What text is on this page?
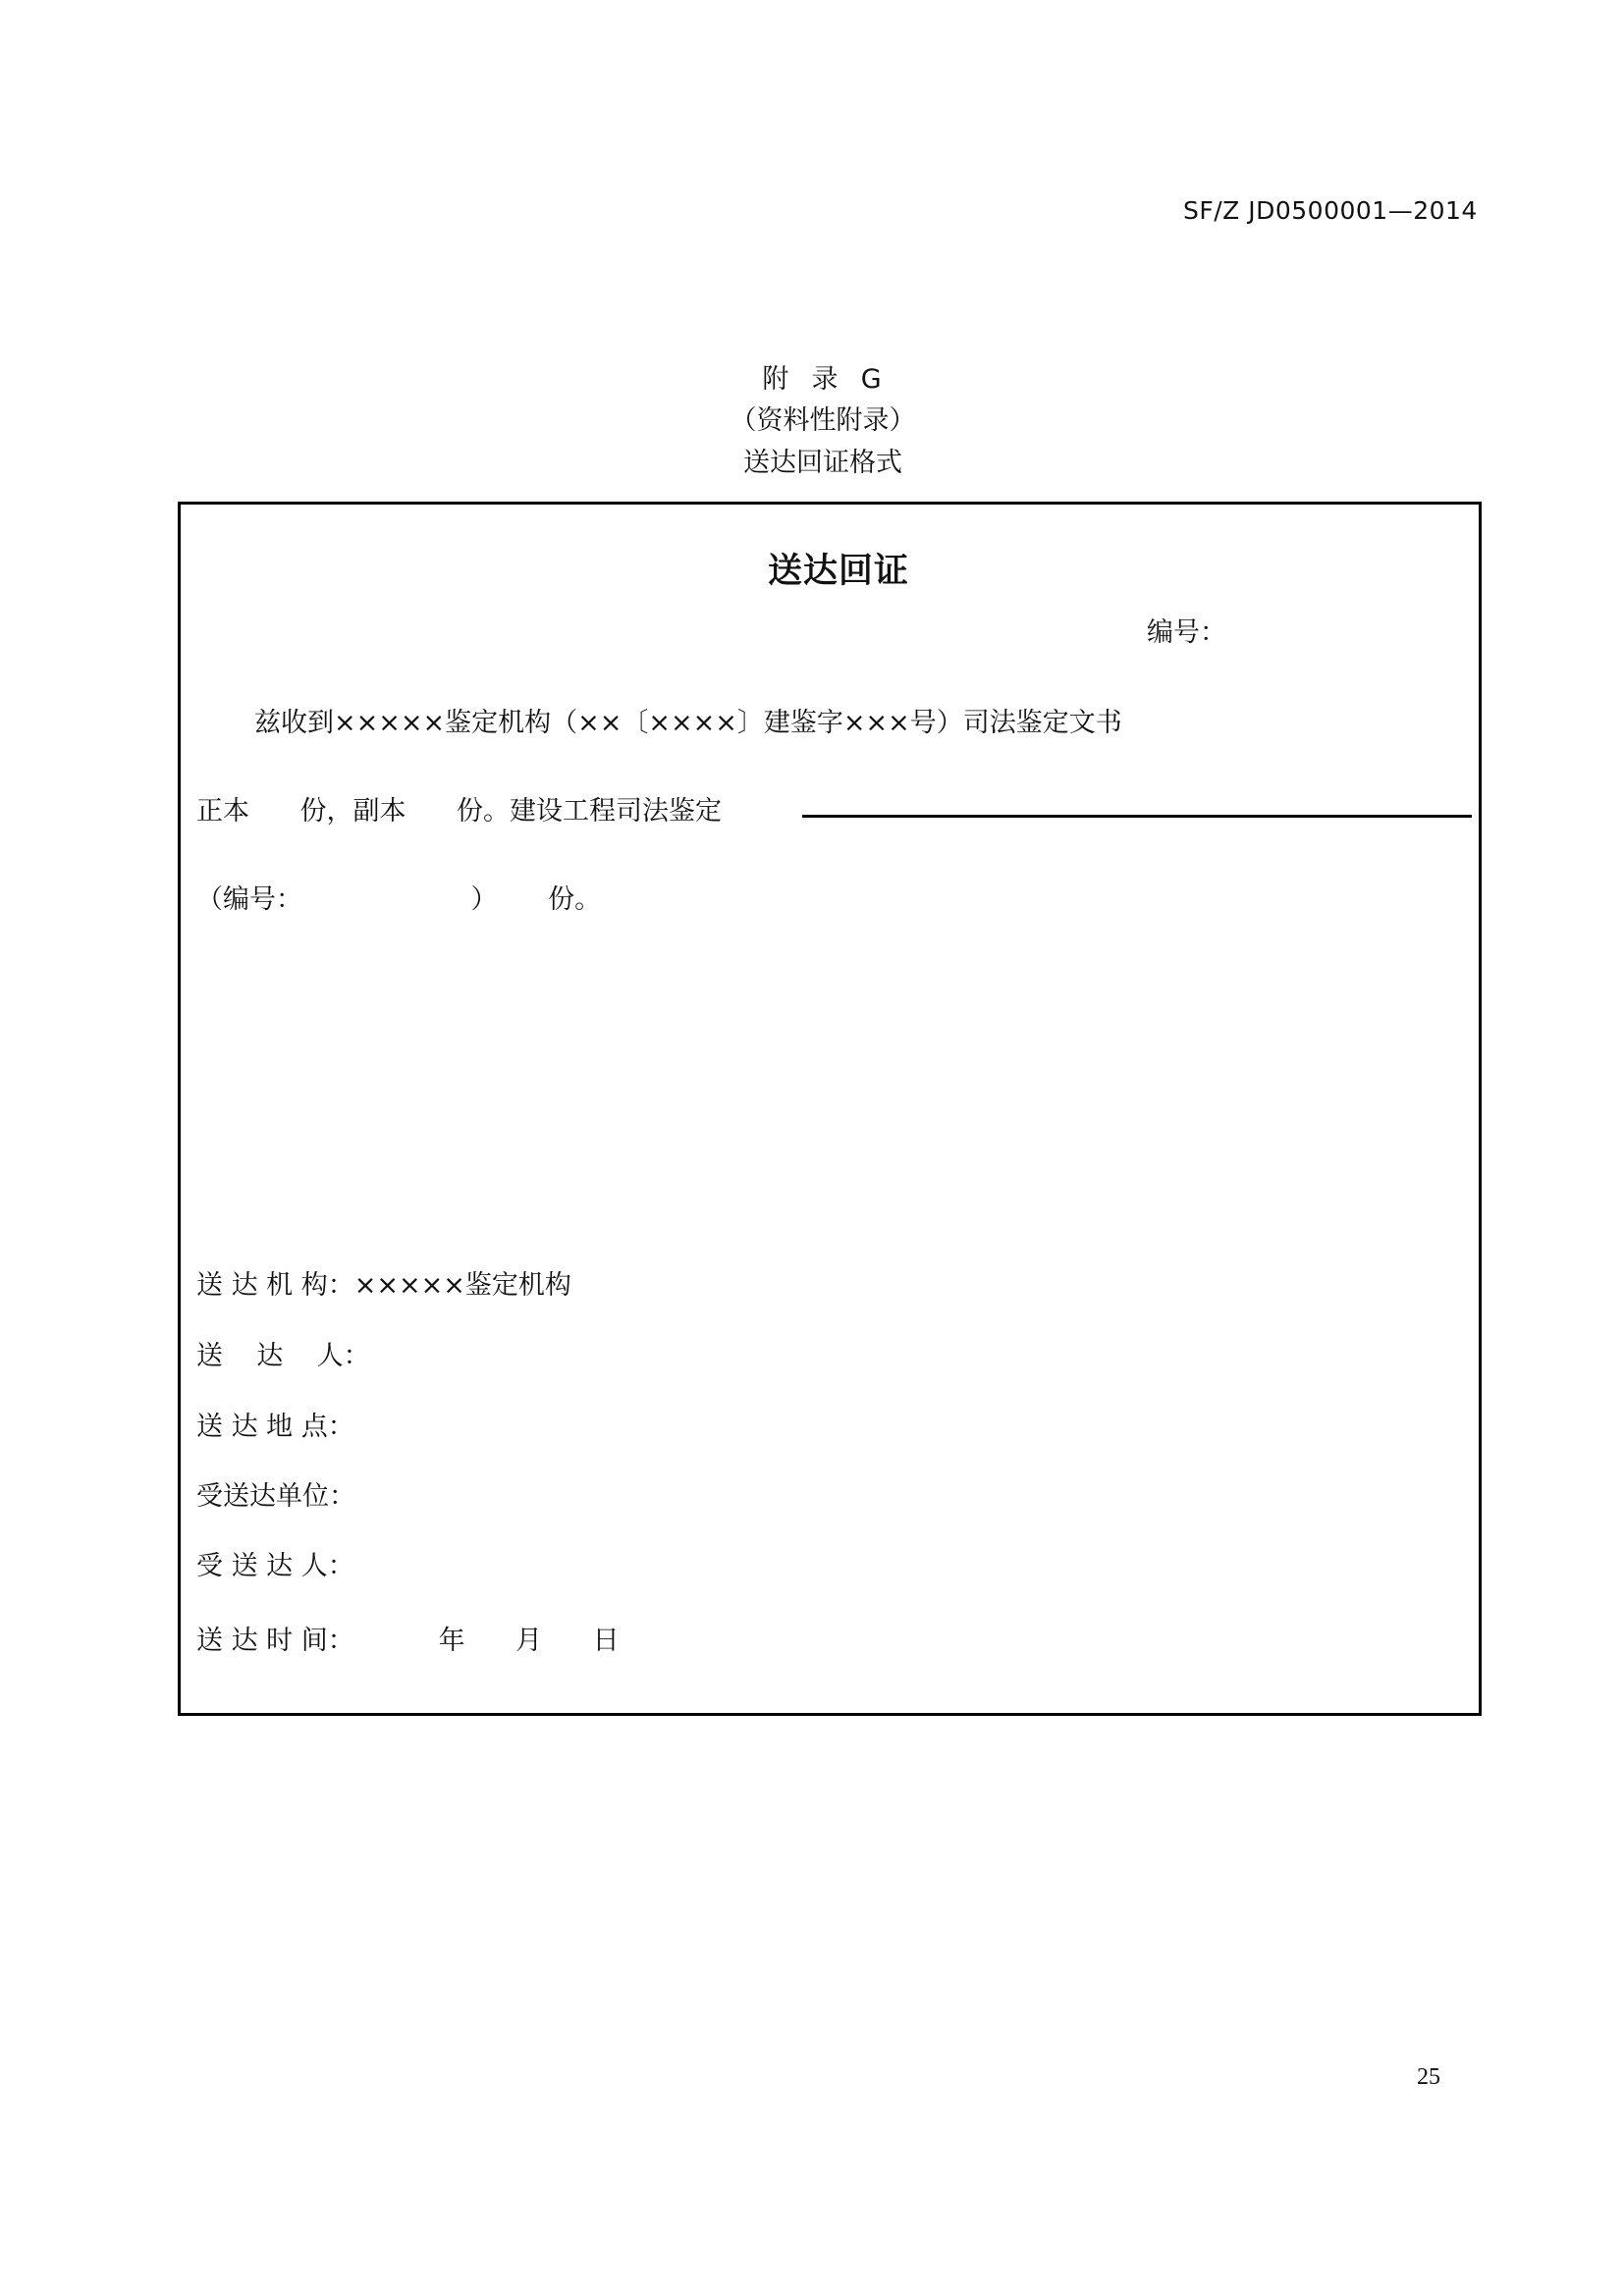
SF/Z JD0500001—2014
附  录  G
（资料性附录）
送达回证格式
送达回证
编号：
兹收到×××××鉴定机构（××〔××××〕建鉴字×××号）司法鉴定文书
正本      份，副本      份。建设工程司法鉴定
（编号：                    ）      份。
送 达 机 构：×××××鉴定机构
送    达    人：
送 达 地 点：
受送达单位：
受 送 达 人：
送 达 时 间：          年      月      日
25
